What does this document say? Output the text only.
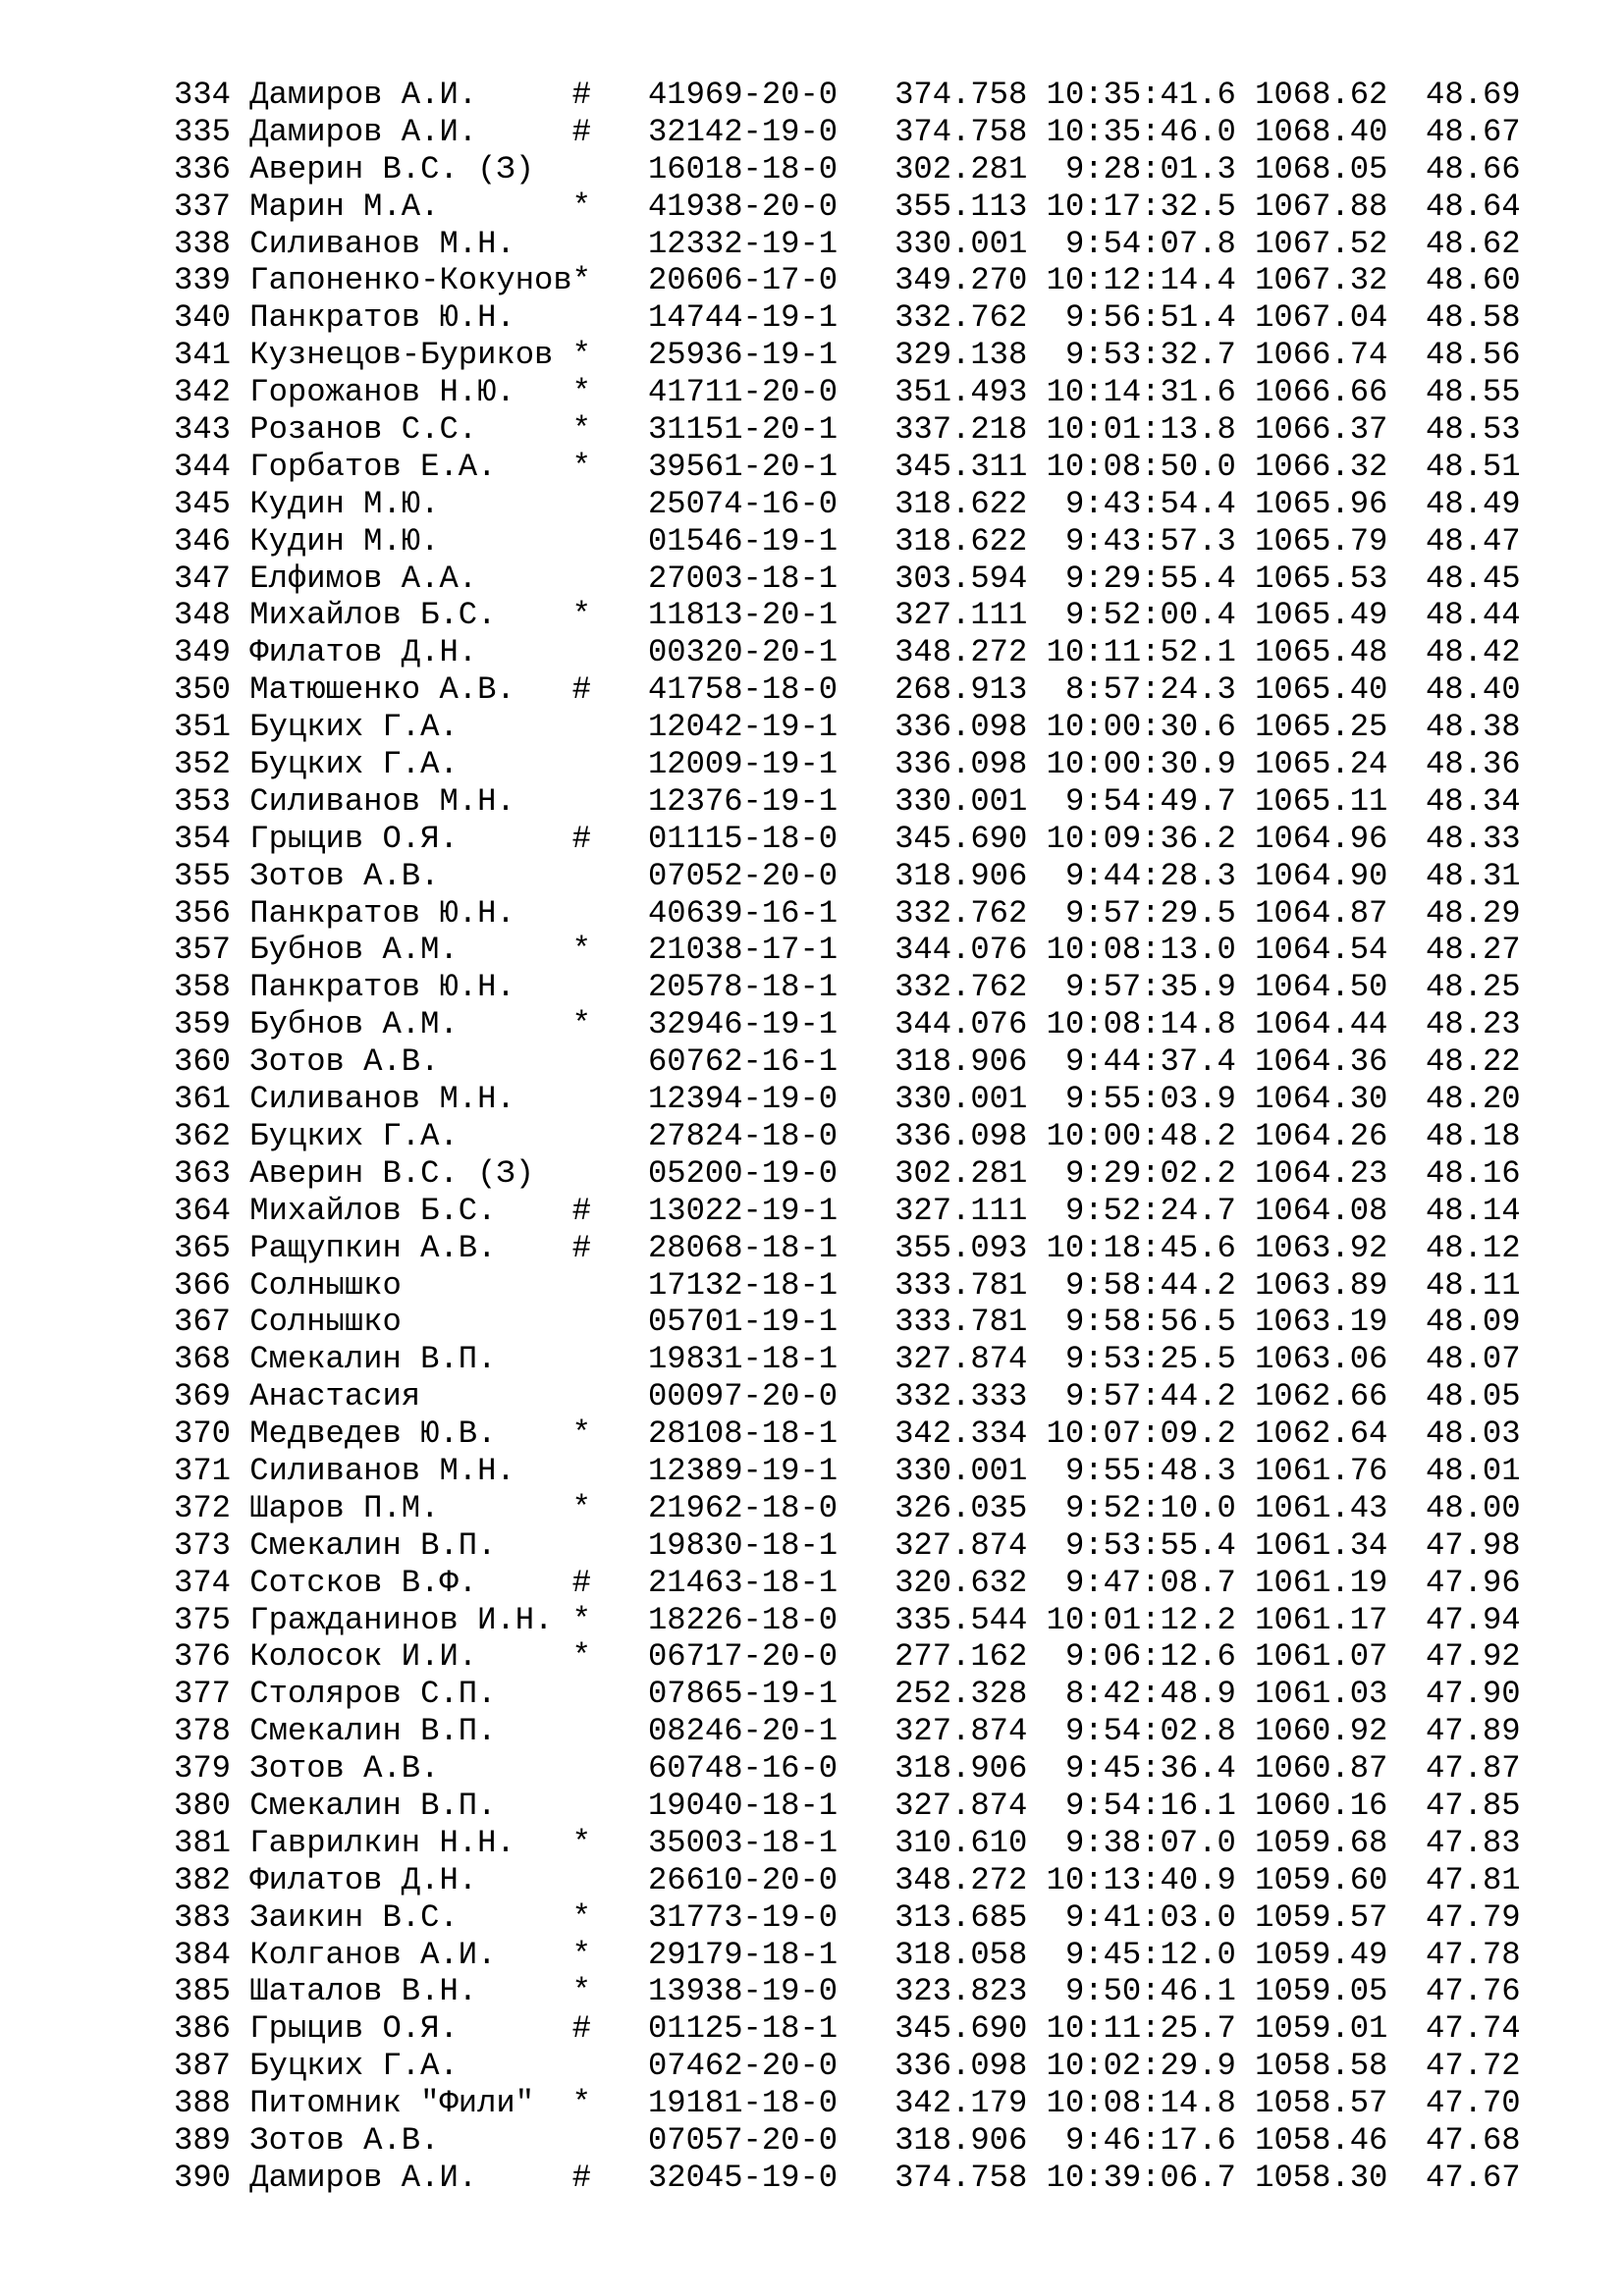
334 Дамиров А.И.	# 41969-20-0 374.758 10:35:41.6 1068.62 48.69
335 Дамиров А.И.	# 32142-19-0 374.758 10:35:46.0 1068.40 48.67
336 Аверин В.С. (З)	16018-18-0 302.281 9:28:01.3 1068.05 48.66
337 Марин М.А.	* 41938-20-0 355.113 10:17:32.5 1067.88 48.64
338 Силиванов М.Н.	12332-19-1 330.001 9:54:07.8 1067.52 48.62
339 Гапоненко-Кокунов* 20606-17-0 349.270 10:12:14.4 1067.32 48.60
340 Панкратов Ю.Н.	14744-19-1 332.762 9:56:51.4 1067.04 48.58
341 Кузнецов-Буриков * 25936-19-1 329.138 9:53:32.7 1066.74 48.56
342 Горожанов Н.Ю. * 41711-20-0 351.493 10:14:31.6 1066.66 48.55
343 Розанов С.С.	* 31151-20-1 337.218 10:01:13.8 1066.37 48.53
344 Горбатов Е.А. * 39561-20-1 345.311 10:08:50.0 1066.32 48.51
345 Кудин М.Ю.	25074-16-0 318.622 9:43:54.4 1065.96 48.49
346 Кудин М.Ю.	01546-19-1 318.622 9:43:57.3 1065.79 48.47
347 Елфимов А.А.	27003-18-1 303.594 9:29:55.4 1065.53 48.45
348 Михайлов Б.С. * 11813-20-1 327.111 9:52:00.4 1065.49 48.44
349 Филатов Д.Н.	00320-20-1 348.272 10:11:52.1 1065.48 48.42
350 Матюшенко А.В. # 41758-18-0 268.913 8:57:24.3 1065.40 48.40
351 Буцких Г.А.	12042-19-1 336.098 10:00:30.6 1065.25 48.38
352 Буцких Г.А.	12009-19-1 336.098 10:00:30.9 1065.24 48.36
353 Силиванов М.Н.	12376-19-1 330.001 9:54:49.7 1065.11 48.34
354 Грыцив О.Я.	# 01115-18-0 345.690 10:09:36.2 1064.96 48.33
355 Зотов А.В.	07052-20-0 318.906 9:44:28.3 1064.90 48.31
356 Панкратов Ю.Н.	40639-16-1 332.762 9:57:29.5 1064.87 48.29
357 Бубнов А.М.	* 21038-17-1 344.076 10:08:13.0 1064.54 48.27
358 Панкратов Ю.Н.	20578-18-1 332.762 9:57:35.9 1064.50 48.25
359 Бубнов А.М.	* 32946-19-1 344.076 10:08:14.8 1064.44 48.23
360 Зотов А.В.	60762-16-1 318.906 9:44:37.4 1064.36 48.22
361 Силиванов М.Н.	12394-19-0 330.001 9:55:03.9 1064.30 48.20
362 Буцких Г.А.	27824-18-0 336.098 10:00:48.2 1064.26 48.18
363 Аверин В.С. (З)	05200-19-0 302.281 9:29:02.2 1064.23 48.16
364 Михайлов Б.С. # 13022-19-1 327.111 9:52:24.7 1064.08 48.14
365 Ращупкин А.В. # 28068-18-1 355.093 10:18:45.6 1063.92 48.12
366 Солнышко	17132-18-1 333.781 9:58:44.2 1063.89 48.11
367 Солнышко	05701-19-1 333.781 9:58:56.5 1063.19 48.09
368 Смекалин В.П.	19831-18-1 327.874 9:53:25.5 1063.06 48.07
369 Анастасия	00097-20-0 332.333 9:57:44.2 1062.66 48.05
370 Медведев Ю.В. * 28108-18-1 342.334 10:07:09.2 1062.64 48.03
371 Силиванов М.Н.	12389-19-1 330.001 9:55:48.3 1061.76 48.01
372 Шаров П.М.	* 21962-18-0 326.035 9:52:10.0 1061.43 48.00
373 Смекалин В.П.	19830-18-1 327.874 9:53:55.4 1061.34 47.98
374 Сотсков В.Ф.	# 21463-18-1 320.632 9:47:08.7 1061.19 47.96
375 Гражданинов И.Н. * 18226-18-0 335.544 10:01:12.2 1061.17 47.94
376 Колосок И.И.	* 06717-20-0 277.162 9:06:12.6 1061.07 47.92
377 Столяров С.П.	07865-19-1 252.328 8:42:48.9 1061.03 47.90
378 Смекалин В.П.	08246-20-1 327.874 9:54:02.8 1060.92 47.89
379 Зотов А.В.	60748-16-0 318.906 9:45:36.4 1060.87 47.87
380 Смекалин В.П.	19040-18-1 327.874 9:54:16.1 1060.16 47.85
381 Гаврилкин Н.Н. * 35003-18-1 310.610 9:38:07.0 1059.68 47.83
382 Филатов Д.Н.	26610-20-0 348.272 10:13:40.9 1059.60 47.81
383 Заикин В.С.	* 31773-19-0 313.685 9:41:03.0 1059.57 47.79
384 Колганов А.И. * 29179-18-1 318.058 9:45:12.0 1059.49 47.78
385 Шаталов В.Н.	* 13938-19-0 323.823 9:50:46.1 1059.05 47.76
386 Грыцив О.Я.	# 01125-18-1 345.690 10:11:25.7 1059.01 47.74
387 Буцких Г.А.	07462-20-0 336.098 10:02:29.9 1058.58 47.72
388 Питомник "Фили" * 19181-18-0 342.179 10:08:14.8 1058.57 47.70
389 Зотов А.В.	07057-20-0 318.906 9:46:17.6 1058.46 47.68
390 Дамиров А.И.	# 32045-19-0 374.758 10:39:06.7 1058.30 47.67
